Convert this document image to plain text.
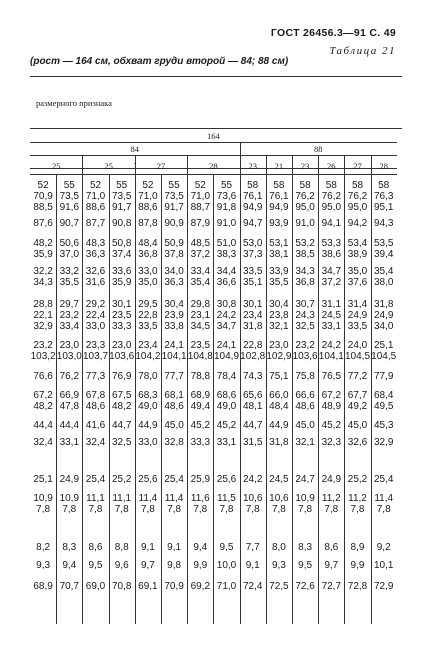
ГОСТ 26456.3—91 С. 49
Таблица 21
(рост — 164 см, обхват груди второй — 84; 88 см)
размерного признака
164
84	88
.	.
25	25	27	28	23	21	23	26	27	28
52	55	52	55	52	55	52	55	58	58	58	58	58	58
70,9 73,5 71,0 73,5 71,0 73,5 71,0 73,6 76,1 76,1 76,2 76,2 76,2 76,3
88,5 91,6 88,6 91,7 88,6 91,7 88,7 91,8 94,9 94,9 95,0 95,0 95,0 95,1
87,6 90,7 87,7 90,8 87,8 90,9 87,9 91,0 94,7 93,9 91,0 94,1 94,2 94,3
48,2 50,6 48,3 50,8 48,4 50,9 48,5 51,0 53,0 53,1 53,2 53,3 53,4 53,5
35,9 37,0 36,3 37,4 36,8 37,8 37,2 38,3 37,3 38,1 38,5 38,6 38,9 39,4
32,2 33,2 32,6 33,6 33,0 34,0 33,4 34,4 33,5 33,9 34,3 34,7 35,0 35,4
34,3 35,5 31,6 35,9 35,0 36,3 35,4 36,6 35,1 35,5 36,8 37,2 37,6 38,0
28,8 29,7 29,2 30,1 29,5 30,4 29,8 30,8 30,1 30,4 30,7 31,1 31,4 31,8
22,1 23,2 22,4 23,5 22,8 23,9 23,1 24,2 23,4 23,8 24,3 24,5 24,9 24,9
32,9 33,4 33,0 33,3 33,5 33,8 34,5 34,7 31,8 32,1 32,5 33,1 33,5 34,0
23,2 23,0 23,3 23,0 23,4 24,1 23,5 24,1 22,8 23,0 23,2 24,2 24,0 25,1
103,2 103,0 103,7 103,6 104,2 104,1 104,8 104,9 102,8 102,9 103,6 104,1 104,5 104,5
76,6 76,2 77,3 76,9 78,0 77,7 78,8 78,4 74,3 75,1 75,8 76,5 77,2 77,9
67,2 66,9 67,8 67,5 68,3 68,1 68,9 68,6 65,6 66,0 66,6 67,2 67,7 68,4
48,2 47,8 48,6 48,2 49,0 48,6 49,4 49,0 48,1 48,4 48,6 48,9 49,2 49,5
44,4 44,4 41,6 44,7 44,9 45,0 45,2 45,2 44,7 44,9 45,0 45,2 45,0 45,3
32,4 33,1 32,4 32,5 33,0 32,8 33,3 33,1 31,5 31,8 32,1 32,3 32,6 32,9
25,1 24,9 25,4 25,2 25,6 25,4 25,9 25,6 24,2 24,5 24,7 24,9 25,2 25,4
10,9 10,9 11,1 11,1 11,4 11,4 11,6 11,5 10,6 10,6 10,9 11,2 11,2 11,4
7,8	7,8	7,8	7,8	7,8	7,8	7,8	7,8	7,8	7,8	7,8	7,8	7,8	7,8
8,2	8,3	8,6	8,8	9,1	9,1	9,4	9,5	7,7	8,0	8,3	8,6	8,9	9,2
9,3	9,4	9,5	9,6	9,7	9,8	9,9 10,0 9,1	9,3	9,5	9,7	9,9 10,1
68,9 70,7 69,0 70,8 69,1 70,9 69,2 71,0 72,4 72,5 72,6 72,7 72,8 72,9
